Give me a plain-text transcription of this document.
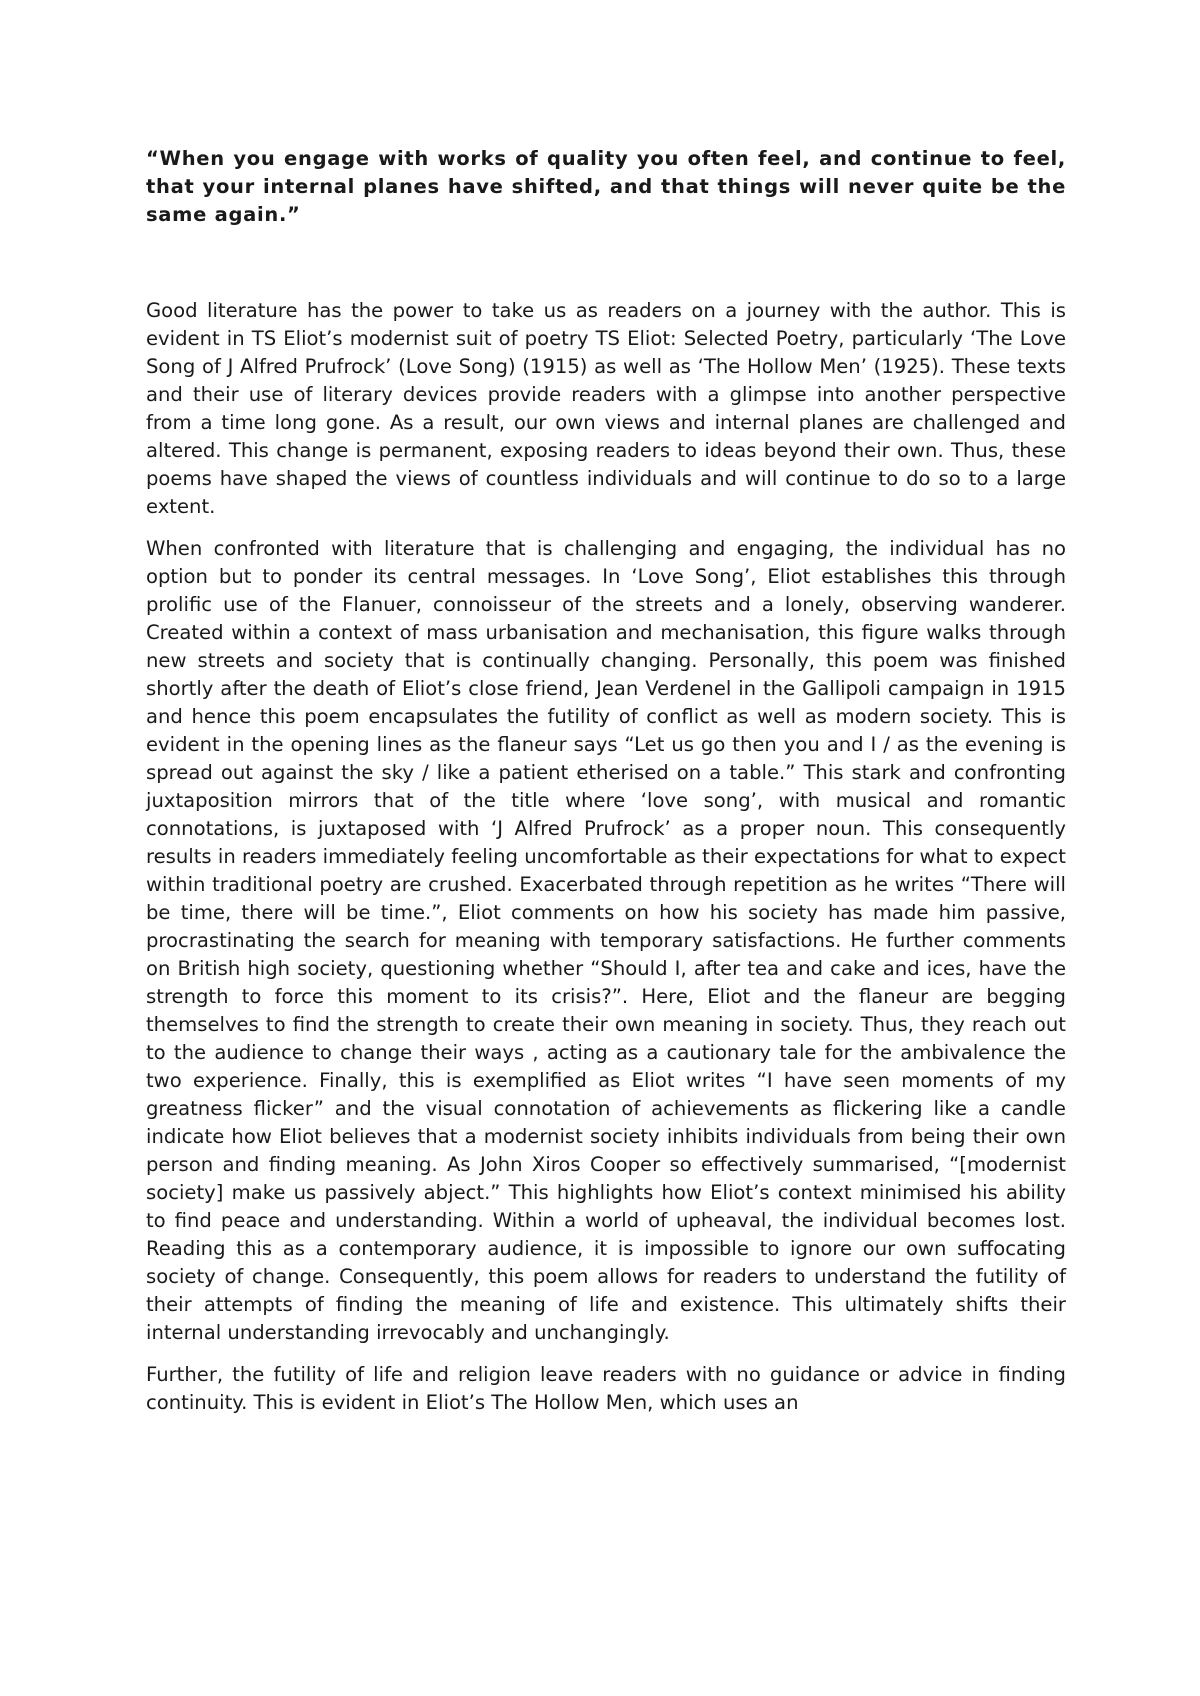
“When you engage with works of quality you often feel, and continue to feel, that your internal planes have shifted, and that things will never quite be the same again.”

Good literature has the power to take us as readers on a journey with the author. This is evident in TS Eliot’s modernist suit of poetry TS Eliot: Selected Poetry, particularly ‘The Love Song of J Alfred Prufrock’ (Love Song) (1915) as well as ‘The Hollow Men’ (1925). These texts and their use of literary devices provide readers with a glimpse into another perspective from a time long gone. As a result, our own views and internal planes are challenged and altered. This change is permanent, exposing readers to ideas beyond their own. Thus, these poems have shaped the views of countless individuals and will continue to do so to a large extent.

When confronted with literature that is challenging and engaging, the individual has no option but to ponder its central messages. In ‘Love Song’, Eliot establishes this through prolific use of the Flanuer, connoisseur of the streets and a lonely, observing wanderer. Created within a context of mass urbanisation and mechanisation, this figure walks through new streets and society that is continually changing. Personally, this poem was finished shortly after the death of Eliot’s close friend, Jean Verdenel in the Gallipoli campaign in 1915 and hence this poem encapsulates the futility of conflict as well as modern society. This is evident in the opening lines as the flaneur says “Let us go then you and I / as the evening is spread out against the sky / like a patient etherised on a table.” This stark and confronting juxtaposition mirrors that of the title where ‘love song’, with musical and romantic connotations, is juxtaposed with ‘J Alfred Prufrock’ as a proper noun. This consequently results in readers immediately feeling uncomfortable as their expectations for what to expect within traditional poetry are crushed. Exacerbated through repetition as he writes “There will be time, there will be time.”, Eliot comments on how his society has made him passive, procrastinating the search for meaning with temporary satisfactions. He further comments on British high society, questioning whether “Should I, after tea and cake and ices, have the strength to force this moment to its crisis?”. Here, Eliot and the flaneur are begging themselves to find the strength to create their own meaning in society. Thus, they reach out to the audience to change their ways , acting as a cautionary tale for the ambivalence the two experience. Finally, this is exemplified as Eliot writes “I have seen moments of my greatness flicker” and the visual connotation of achievements as flickering like a candle indicate how Eliot believes that a modernist society inhibits individuals from being their own person and finding meaning. As John Xiros Cooper so effectively summarised, “[modernist society] make us passively abject.” This highlights how Eliot’s context minimised his ability to find peace and understanding. Within a world of upheaval, the individual becomes lost. Reading this as a contemporary audience, it is impossible to ignore our own suffocating society of change. Consequently, this poem allows for readers to understand the futility of their attempts of finding the meaning of life and existence. This ultimately shifts their internal understanding irrevocably and unchangingly.

Further, the futility of life and religion leave readers with no guidance or advice in finding continuity. This is evident in Eliot’s The Hollow Men, which uses an
